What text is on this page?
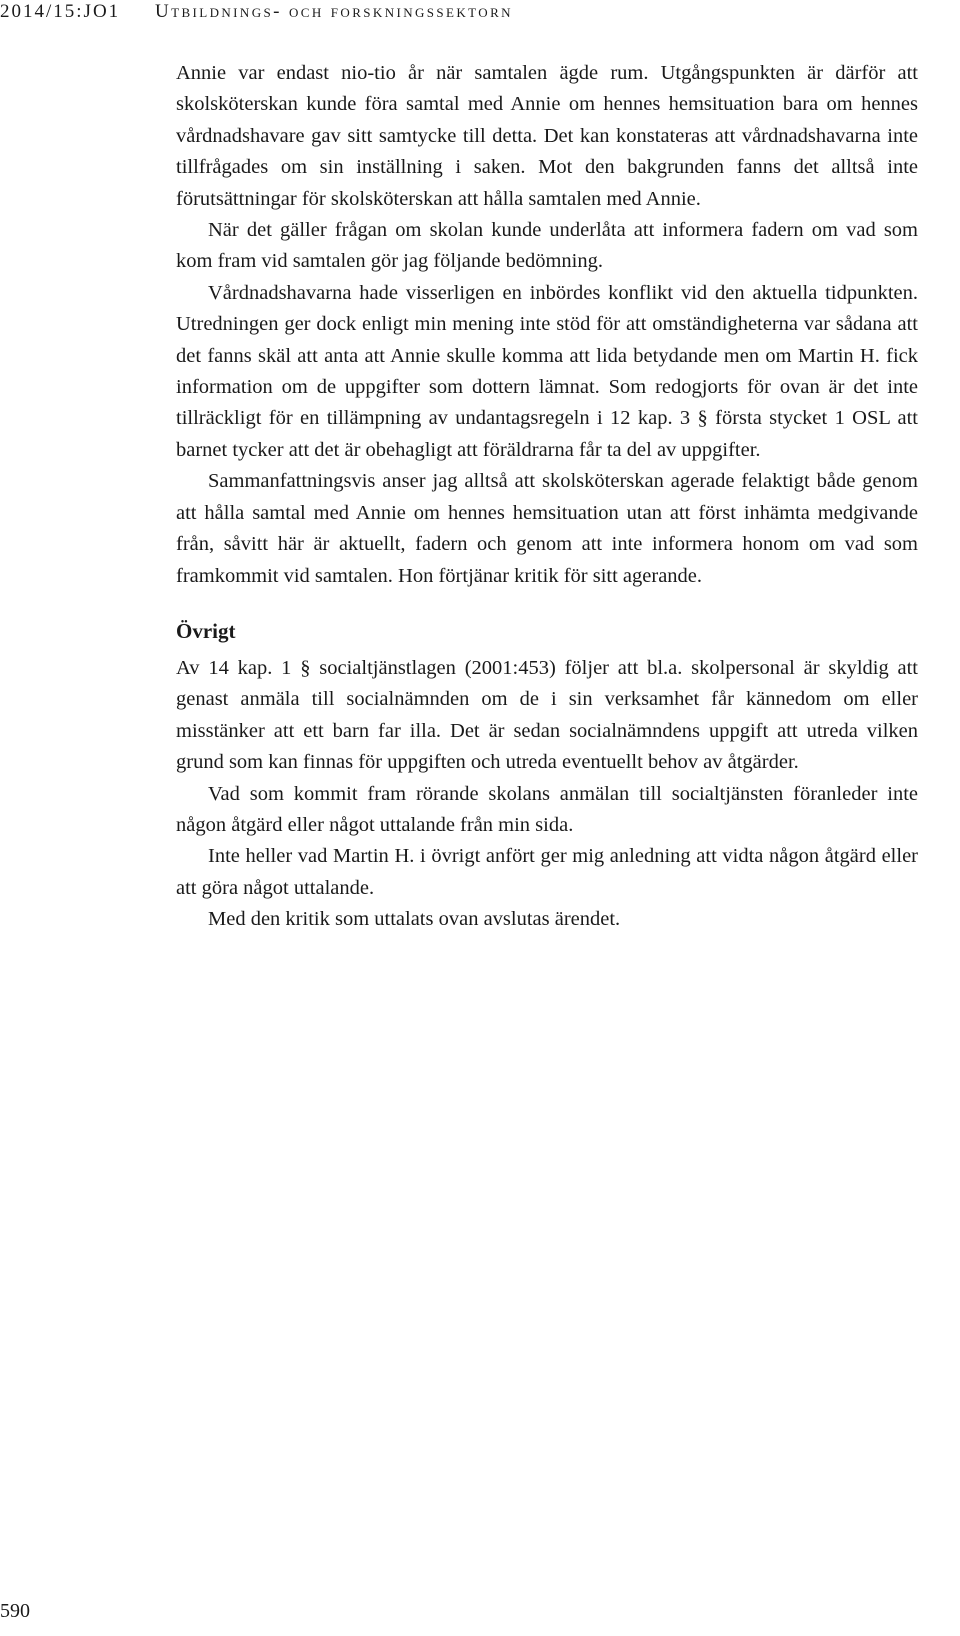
2014/15:JO1 Utbildnings- och forskningssektorn

Annie var endast nio-tio år när samtalen ägde rum. Utgångspunkten är därför att skolsköterskan kunde föra samtal med Annie om hennes hemsituation bara om hennes vårdnadshavare gav sitt samtycke till detta. Det kan konstateras att vårdnadshavarna inte tillfrågades om sin inställning i saken. Mot den bakgrunden fanns det alltså inte förutsättningar för skolsköterskan att hålla samtalen med Annie.

När det gäller frågan om skolan kunde underlåta att informera fadern om vad som kom fram vid samtalen gör jag följande bedömning.

Vårdnadshavarna hade visserligen en inbördes konflikt vid den aktuella tidpunkten. Utredningen ger dock enligt min mening inte stöd för att omständigheterna var sådana att det fanns skäl att anta att Annie skulle komma att lida betydande men om Martin H. fick information om de uppgifter som dottern lämnat. Som redogjorts för ovan är det inte tillräckligt för en tillämpning av undantagsregeln i 12 kap. 3 § första stycket 1 OSL att barnet tycker att det är obehagligt att föräldrarna får ta del av uppgifter.

Sammanfattningsvis anser jag alltså att skolsköterskan agerade felaktigt både genom att hålla samtal med Annie om hennes hemsituation utan att först inhämta medgivande från, såvitt här är aktuellt, fadern och genom att inte informera honom om vad som framkommit vid samtalen. Hon förtjänar kritik för sitt agerande.

Övrigt

Av 14 kap. 1 § socialtjänstlagen (2001:453) följer att bl.a. skolpersonal är skyldig att genast anmäla till socialnämnden om de i sin verksamhet får kännedom om eller misstänker att ett barn far illa. Det är sedan socialnämndens uppgift att utreda vilken grund som kan finnas för uppgiften och utreda eventuellt behov av åtgärder.

Vad som kommit fram rörande skolans anmälan till socialtjänsten föranleder inte någon åtgärd eller något uttalande från min sida.

Inte heller vad Martin H. i övrigt anfört ger mig anledning att vidta någon åtgärd eller att göra något uttalande.

Med den kritik som uttalats ovan avslutas ärendet.

590
